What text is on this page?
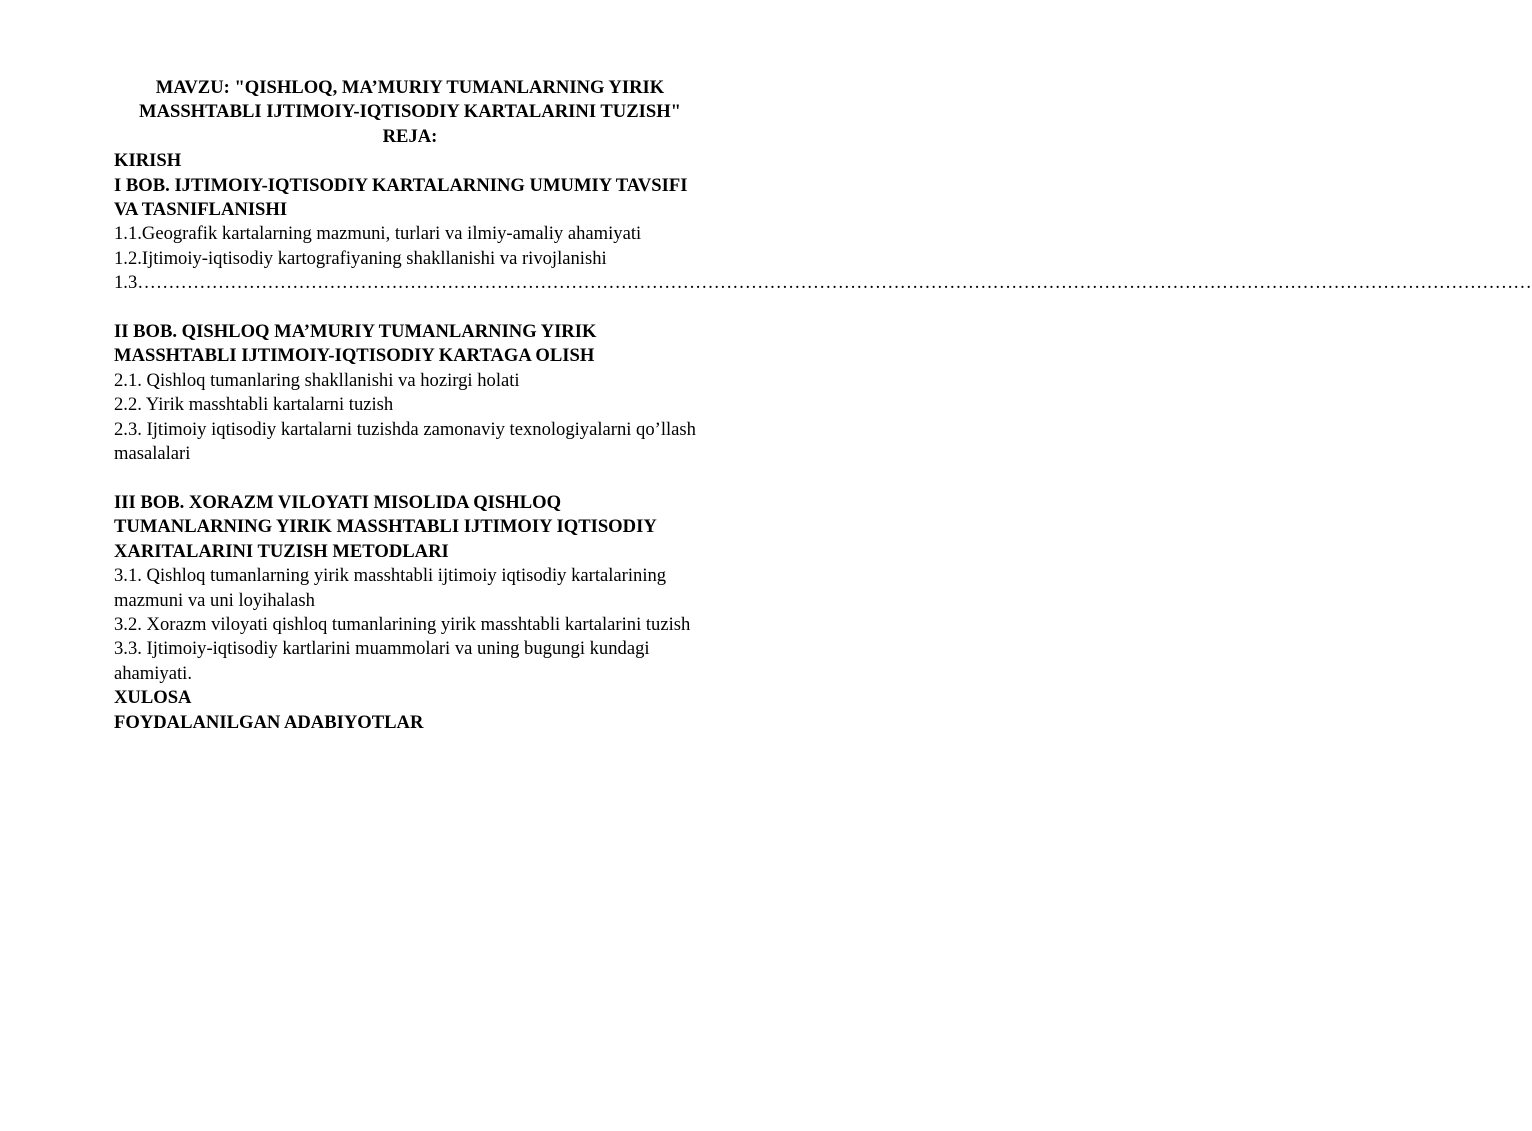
MAVZU: "QISHLOQ, MA’MURIY TUMANLARNING YIRIK
MASSHTABLI IJTIMOIY-IQTISODIY KARTALARINI TUZISH"
REJA:

KIRISH

I BOB. IJTIMOIY-IQTISODIY KARTALARNING UMUMIY TAVSIFI

VA TASNIFLANISHI

1.1.Geografik kartalarning mazmuni, turlari va ilmiy-amaliy ahamiyati

1.2.Ijtimoiy-iqtisodiy kartografiyaning shakllanishi va rivojlanishi

1.3………………………………………………………………………………………………………………………………………………………………………………………………………

II BOB. QISHLOQ MA’MURIY TUMANLARNING YIRIK

MASSHTABLI IJTIMOIY-IQTISODIY KARTAGA OLISH

2.1. Qishloq tumanlaring shakllanishi va hozirgi holati

2.2. Yirik masshtabli kartalarni tuzish

2.3. Ijtimoiy iqtisodiy kartalarni tuzishda zamonaviy texnologiyalarni qo’llash

masalalari

III BOB. XORAZM VILOYATI MISOLIDA QISHLOQ

TUMANLARNING YIRIK MASSHTABLI IJTIMOIY IQTISODIY

XARITALARINI TUZISH METODLARI

3.1. Qishloq tumanlarning yirik masshtabli ijtimoiy iqtisodiy kartalarining

mazmuni va uni loyihalash

3.2. Xorazm viloyati qishloq tumanlarining yirik masshtabli kartalarini tuzish

3.3. Ijtimoiy-iqtisodiy kartlarini muammolari va uning bugungi kundagi

ahamiyati.

XULOSA

FOYDALANILGAN ADABIYOTLAR
